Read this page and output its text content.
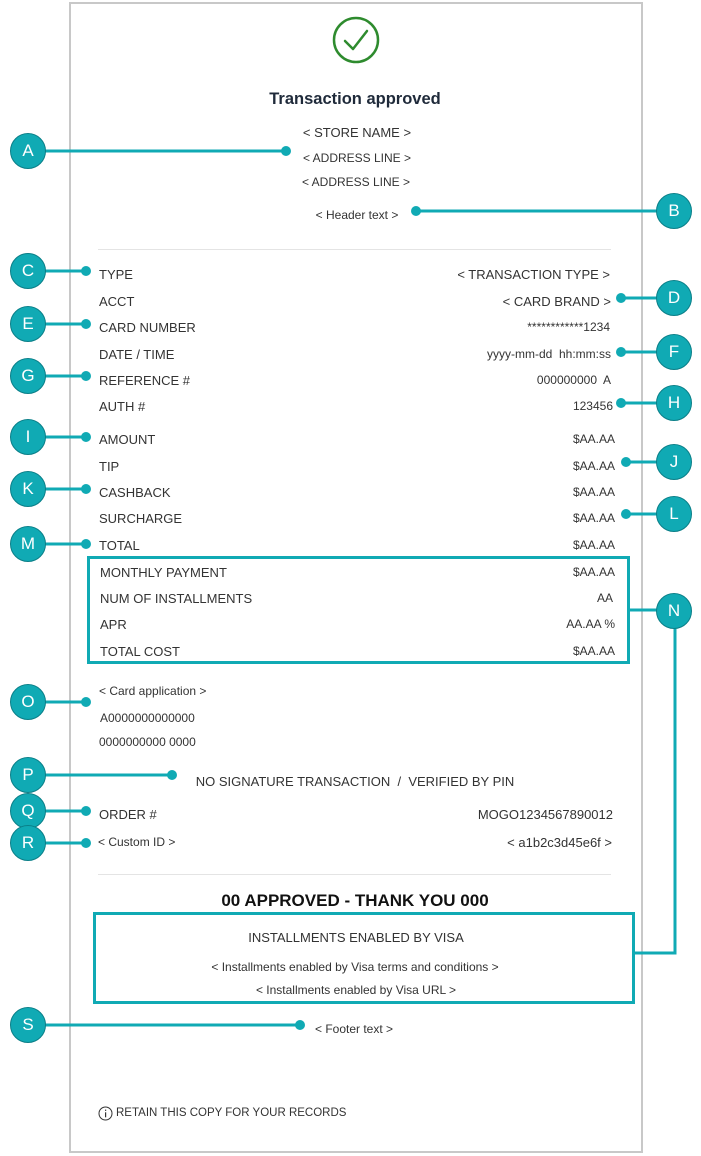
Transaction approved
< STORE NAME >
< ADDRESS LINE >
< ADDRESS LINE >
< Header text >
TYPE	< TRANSACTION TYPE >
ACCT	< CARD BRAND >
CARD NUMBER	************1234
DATE / TIME	yyyy-mm-dd  hh:mm:ss
REFERENCE #	000000000  A
AUTH #	123456
AMOUNT	$AA.AA
TIP	$AA.AA
CASHBACK	$AA.AA
SURCHARGE	$AA.AA
TOTAL	$AA.AA
MONTHLY PAYMENT	$AA.AA
NUM OF INSTALLMENTS	AA
APR	AA.AA %
TOTAL COST	$AA.AA
< Card application >
A0000000000000
0000000000 0000
NO SIGNATURE TRANSACTION  /  VERIFIED BY PIN
ORDER #	MOGO1234567890012
< Custom ID >	< a1b2c3d45e6f >
00 APPROVED - THANK YOU 000
INSTALLMENTS ENABLED BY VISA
< Installments enabled by Visa terms and conditions >
< Installments enabled by Visa URL >
< Footer text >
RETAIN THIS COPY FOR YOUR RECORDS
A
B
C
D
E
F
G
H
I
J
K
L
M
N
O
P
Q
R
S
